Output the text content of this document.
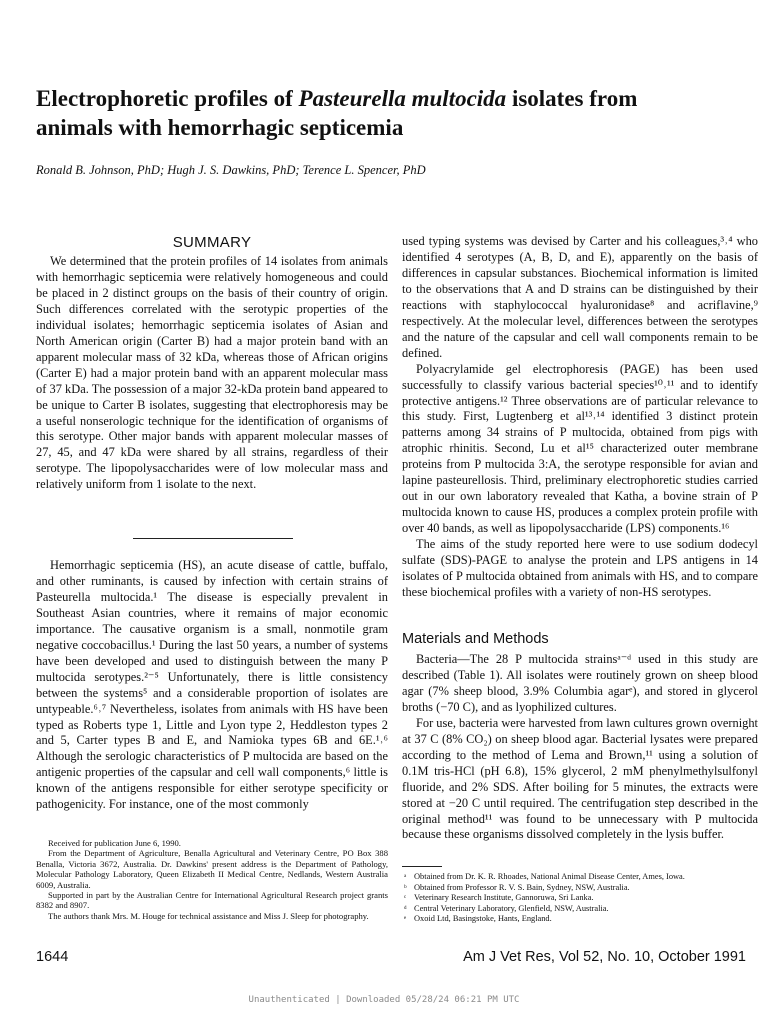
Electrophoretic profiles of Pasteurella multocida isolates from animals with hemorrhagic septicemia
Ronald B. Johnson, PhD; Hugh J. S. Dawkins, PhD; Terence L. Spencer, PhD
SUMMARY

We determined that the protein profiles of 14 isolates from animals with hemorrhagic septicemia were relatively homogeneous and could be placed in 2 distinct groups on the basis of their country of origin. Such differences correlated with the serotypic properties of the individual isolates; hemorrhagic septicemia isolates of Asian and North American origin (Carter B) had a major protein band with an apparent molecular mass of 32 kDa, whereas those of African origins (Carter E) had a major protein band with an apparent molecular mass of 37 kDa. The possession of a major 32-kDa protein band appeared to be unique to Carter B isolates, suggesting that electrophoresis may be a useful nonserologic technique for the identification of organisms of this serotype. Other major bands with apparent molecular masses of 27, 45, and 47 kDa were shared by all strains, regardless of their serotype. The lipopolysaccharides were of low molecular mass and relatively uniform from 1 isolate to the next.

Hemorrhagic septicemia (HS), an acute disease of cattle, buffalo, and other ruminants, is caused by infection with certain strains of Pasteurella multocida.¹ The disease is especially prevalent in Southeast Asian countries, where it remains of major economic importance. The causative organism is a small, nonmotile gram negative coccobacillus.¹ During the last 50 years, a number of systems have been developed and used to distinguish between the many P multocida serotypes.²⁻⁵ Unfortunately, there is little consistency between the systems⁵ and a considerable proportion of isolates are untypeable.⁶˒⁷ Nevertheless, isolates from animals with HS have been typed as Roberts type 1, Little and Lyon type 2, Heddleston types 2 and 5, Carter types B and E, and Namioka types 6B and 6E.¹˒⁶ Although the serologic characteristics of P multocida are based on the antigenic properties of the capsular and cell wall components,⁶ little is known of the antigens responsible for either serotype specificity or pathogenicity. For instance, one of the most commonly

used typing systems was devised by Carter and his colleagues,³˒⁴ who identified 4 serotypes (A, B, D, and E), apparently on the basis of differences in capsular substances. Biochemical information is limited to the observations that A and D strains can be distinguished by their reactions with staphylococcal hyaluronidase⁸ and acriflavine,⁹ respectively. At the molecular level, differences between the serotypes and the nature of the capsular and cell wall components remain to be defined.

Polyacrylamide gel electrophoresis (PAGE) has been used successfully to classify various bacterial species¹⁰˒¹¹ and to identify protective antigens.¹² Three observations are of particular relevance to this study. First, Lugtenberg et al¹³˒¹⁴ identified 3 distinct protein patterns among 34 strains of P multocida, obtained from pigs with atrophic rhinitis. Second, Lu et al¹⁵ characterized outer membrane proteins from P multocida 3:A, the serotype responsible for avian and lapine pasteurellosis. Third, preliminary electrophoretic studies carried out in our own laboratory revealed that Katha, a bovine strain of P multocida known to cause HS, produces a complex protein profile with over 40 bands, as well as lipopolysaccharide (LPS) components.¹⁶

The aims of the study reported here were to use sodium dodecyl sulfate (SDS)-PAGE to analyse the protein and LPS antigens in 14 isolates of P multocida obtained from animals with HS, and to compare these biochemical profiles with a variety of non-HS serotypes.

Materials and Methods

Bacteria—The 28 P multocida strainsᵃ⁻ᵈ used in this study are described (Table 1). All isolates were routinely grown on sheep blood agar (7% sheep blood, 3.9% Columbia agarᵉ), and stored in glycerol broths (−70 C), and as lyophilized cultures.

For use, bacteria were harvested from lawn cultures grown overnight at 37 C (8% CO₂) on sheep blood agar. Bacterial lysates were prepared according to the method of Lema and Brown,¹¹ using a solution of 0.1M tris-HCl (pH 6.8), 15% glycerol, 2 mM phenylmethylsulfonyl fluoride, and 2% SDS. After boiling for 5 minutes, the extracts were stored at −20 C until required. The centrifugation step described in the original method¹¹ was found to be unnecessary with P multocida because these organisms dissolved completely in the lysis buffer.

Received for publication June 6, 1990.

From the Department of Agriculture, Benalla Agricultural and Veterinary Centre, PO Box 388 Benalla, Victoria 3672, Australia. Dr. Dawkins' present address is the Department of Pathology, Molecular Pathology Laboratory, Queen Elizabeth II Medical Centre, Nedlands, Western Australia 6009, Australia.

Supported in part by the Australian Centre for International Agricultural Research project grants 8382 and 8907.

The authors thank Mrs. M. Houge for technical assistance and Miss J. Sleep for photography.

ᵃ Obtained from Dr. K. R. Rhoades, National Animal Disease Center, Ames, Iowa.

ᵇ Obtained from Professor R. V. S. Bain, Sydney, NSW, Australia.

ᶜ Veterinary Research Institute, Gannoruwa, Sri Lanka.

ᵈ Central Veterinary Laboratory, Glenfield, NSW, Australia.

ᵉ Oxoid Ltd, Basingstoke, Hants, England.

1644	Am J Vet Res, Vol 52, No. 10, October 1991
Unauthenticated | Downloaded 05/28/24 06:21 PM UTC
